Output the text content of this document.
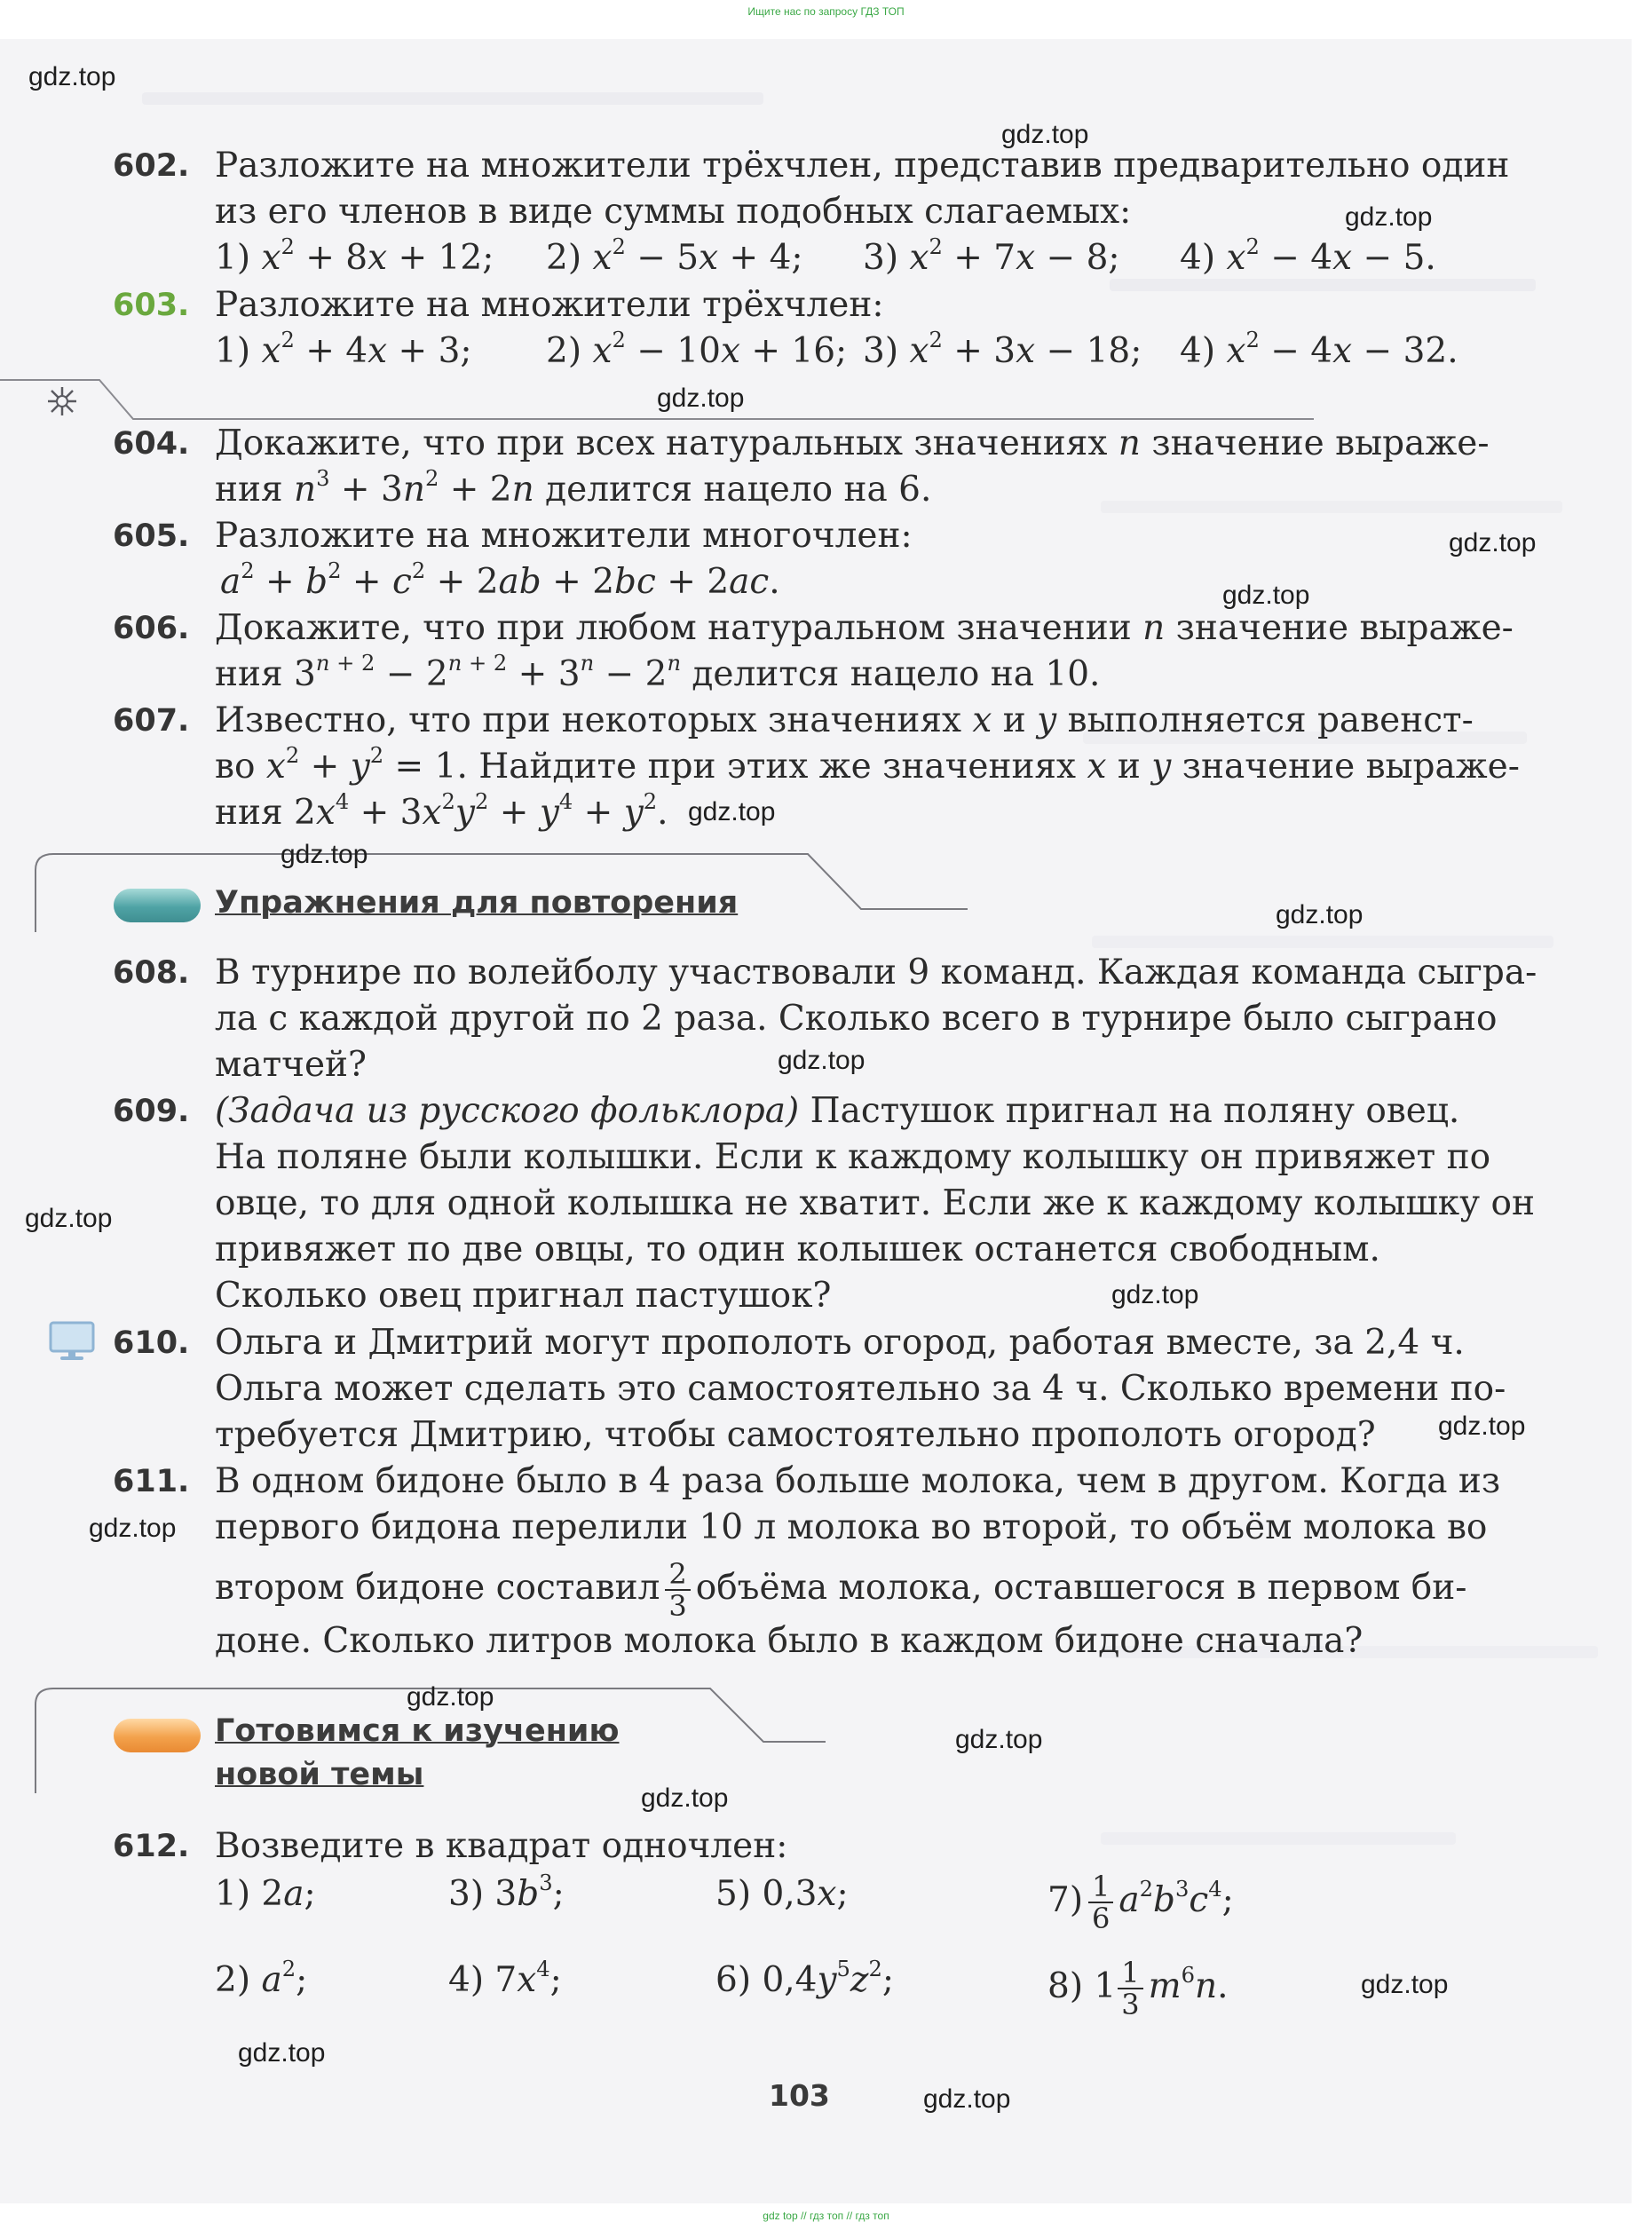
Ищите нас по запросу ГДЗ ТОП
602. Разложите на множители трёхчлен, представив предварительно один
из его членов в виде суммы подобных слагаемых:
1) $x^2 + 8x + 12$; 2) $x^2 - 5x + 4$; 3) $x^2 + 7x - 8$; 4) $x^2 - 4x - 5$.
603. Разложите на множители трёхчлен:
1) $x^2 + 4x + 3$; 2) $x^2 - 10x + 16$; 3) $x^2 + 3x - 18$; 4) $x^2 - 4x - 32$.
604. Докажите, что при всех натуральных значениях n значение выраже-
ния $n^3 + 3n^2 + 2n$ делится нацело на 6.
605. Разложите на множители многочлен:
$a^2 + b^2 + c^2 + 2ab + 2bc + 2ac$.
606. Докажите, что при любом натуральном значении n значение выраже-
ния $3^{n + 2} - 2^{n + 2} + 3^n - 2^n$ делится нацело на 10.
607. Известно, что при некоторых значениях x и y выполняется равенст-
во $x^2 + y^2 = 1$. Найдите при этих же значениях x и y значение выраже-
ния $2x^4 + 3x^2y^2 + y^4 + y^2$.
Упражнения для повторения
608. В турнире по волейболу участвовали 9 команд. Каждая команда сыгра-
ла с каждой другой по 2 раза. Сколько всего в турнире было сыграно
матчей?
609. (Задача из русского фольклора) Пастушок пригнал на поляну овец.
На поляне были колышки. Если к каждому колышку он привяжет по
овце, то для одной колышка не хватит. Если же к каждому колышку он
привяжет по две овцы, то один колышек останется свободным.
Сколько овец пригнал пастушок?
610. Ольга и Дмитрий могут прополоть огород, работая вместе, за 2,4 ч.
Ольга может сделать это самостоятельно за 4 ч. Сколько времени по-
требуется Дмитрию, чтобы самостоятельно прополоть огород?
611. В одном бидоне было в 4 раза больше молока, чем в другом. Когда из
первого бидона перелили 10 л молока во второй, то объём молока во
втором бидоне составил $\frac{2}{3}$ объёма молока, оставшегося в первом би-
доне. Сколько литров молока было в каждом бидоне сначала?
Готовимся к изучению
новой темы
612. Возведите в квадрат одночлен:
1) 2a;	3) $3b^3$;	5) 0,3x;	$7) \frac{1}{6} a^2b^3c^4$;
2) $a^2$;	4) $7x^4$;	6) $0,4y^5z^2$;	8) $1 \frac{1}{3} m^6n$.
103
gdz.top
gdz.top
gdz.top
gdz.top
gdz.top
gdz.top
gdz.top
gdz.top
gdz.top
gdz.top
gdz.top
gdz.top
gdz.top
gdz.top
gdz.top
gdz.top
gdz.top
gdz.top
gdz.top
gdz.top
gdz top // гдз топ // гдз топ
